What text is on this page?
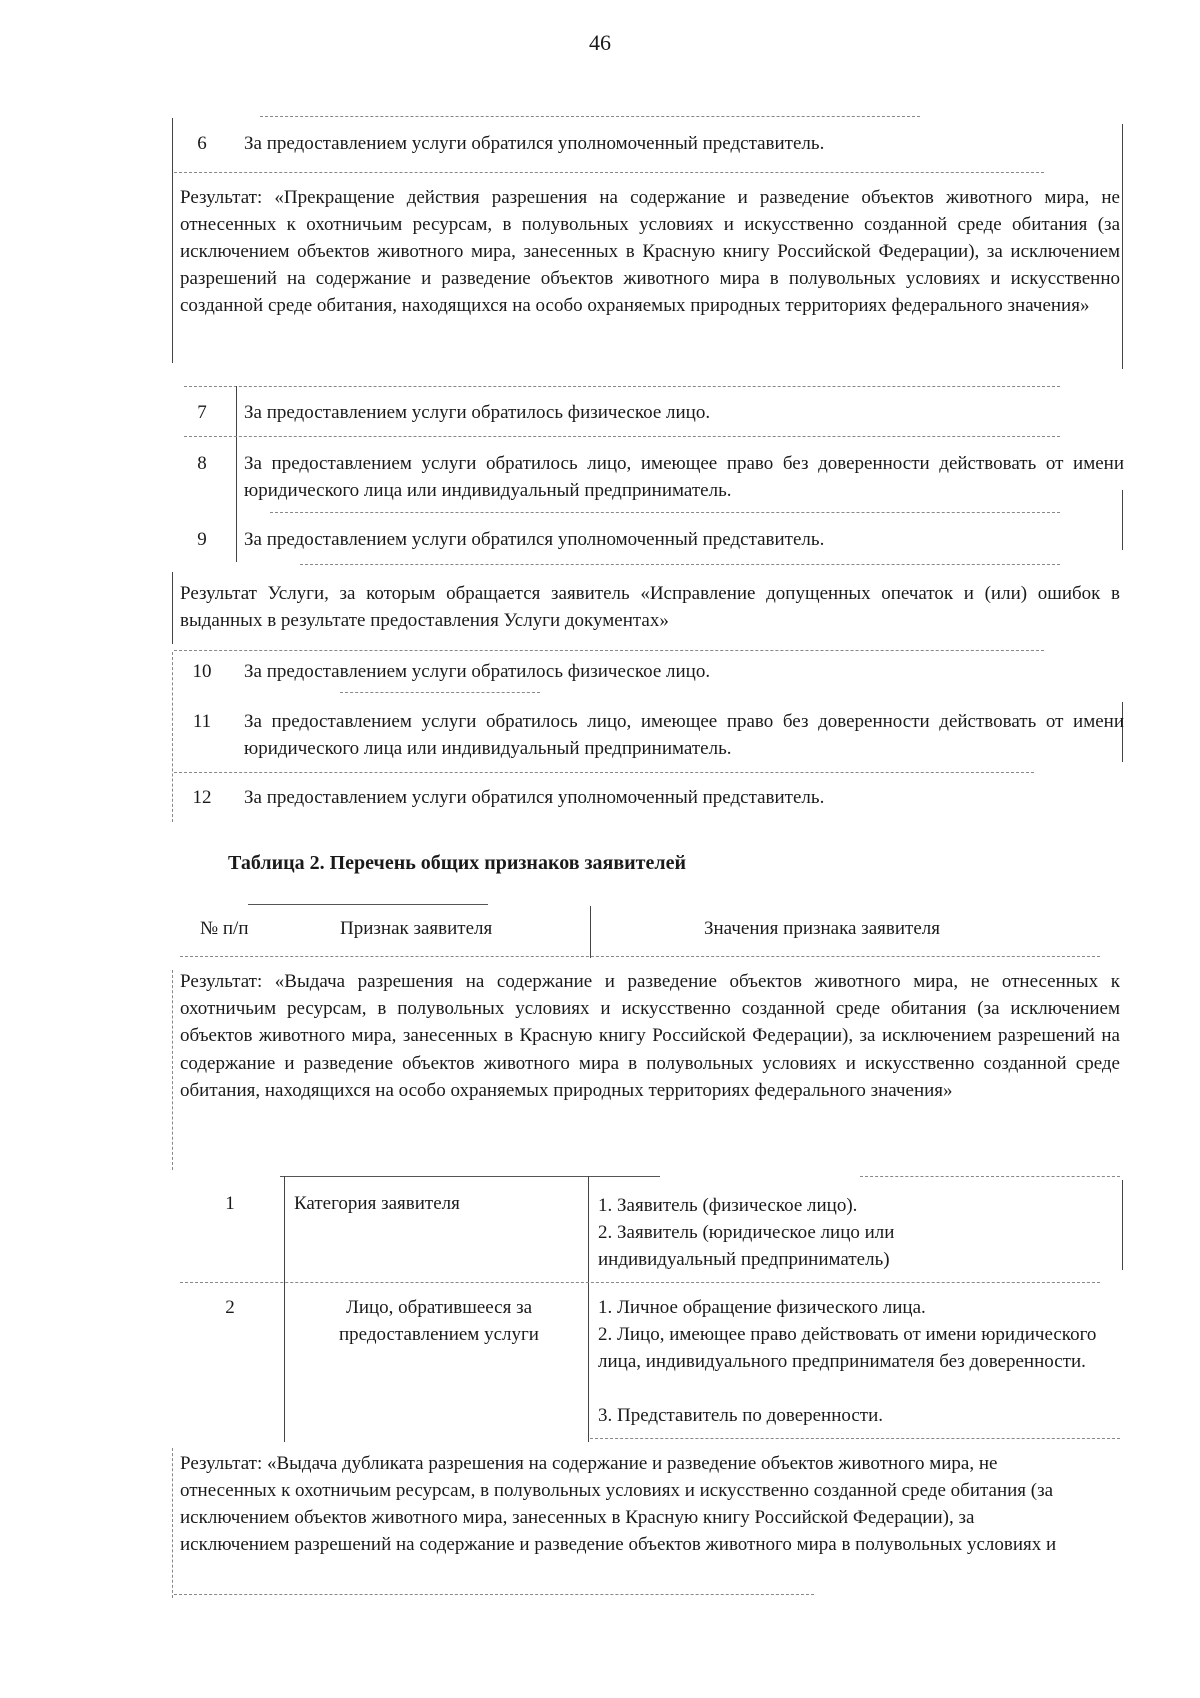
46
6	За предоставлением услуги обратился уполномоченный представитель.
Результат: «Прекращение действия разрешения на содержание и разведение объектов животного мира, не отнесенных к охотничьим ресурсам, в полувольных условиях и искусственно созданной среде обитания (за исключением объектов животного мира, занесенных в Красную книгу Российской Федерации), за исключением разрешений на содержание и разведение объектов животного мира в полувольных условиях и искусственно созданной среде обитания, находящихся на особо охраняемых природных территориях федерального значения»
7	За предоставлением услуги обратилось физическое лицо.
8	За предоставлением услуги обратилось лицо, имеющее право без доверенности действовать от имени юридического лица или индивидуальный предприниматель.
9	За предоставлением услуги обратился уполномоченный представитель.
Результат Услуги, за которым обращается заявитель «Исправление допущенных опечаток и (или) ошибок в выданных в результате предоставления Услуги документах»
10	За предоставлением услуги обратилось физическое лицо.
11	За предоставлением услуги обратилось лицо, имеющее право без доверенности действовать от имени юридического лица или индивидуальный предприниматель.
12	За предоставлением услуги обратился уполномоченный представитель.
Таблица 2. Перечень общих признаков заявителей
№ п/п	Признак заявителя	Значения признака заявителя
Результат: «Выдача разрешения на содержание и разведение объектов животного мира, не отнесенных к охотничьим ресурсам, в полувольных условиях и искусственно созданной среде обитания (за исключением объектов животного мира, занесенных в Красную книгу Российской Федерации), за исключением разрешений на содержание и разведение объектов животного мира в полувольных условиях и искусственно созданной среде обитания, находящихся на особо охраняемых природных территориях федерального значения»
1	Категория заявителя	1. Заявитель (физическое лицо).
2. Заявитель (юридическое лицо или индивидуальный предприниматель)
2	Лицо, обратившееся за предоставлением услуги
1. Личное обращение физического лица.
2. Лицо, имеющее право действовать от имени юридического лица, индивидуального предпринимателя без доверенности.
3. Представитель по доверенности.
Результат: «Выдача дубликата разрешения на содержание и разведение объектов животного мира, не отнесенных к охотничьим ресурсам, в полувольных условиях и искусственно созданной среде обитания (за исключением объектов животного мира, занесенных в Красную книгу Российской Федерации), за исключением разрешений на содержание и разведение объектов животного мира в полувольных условиях и
